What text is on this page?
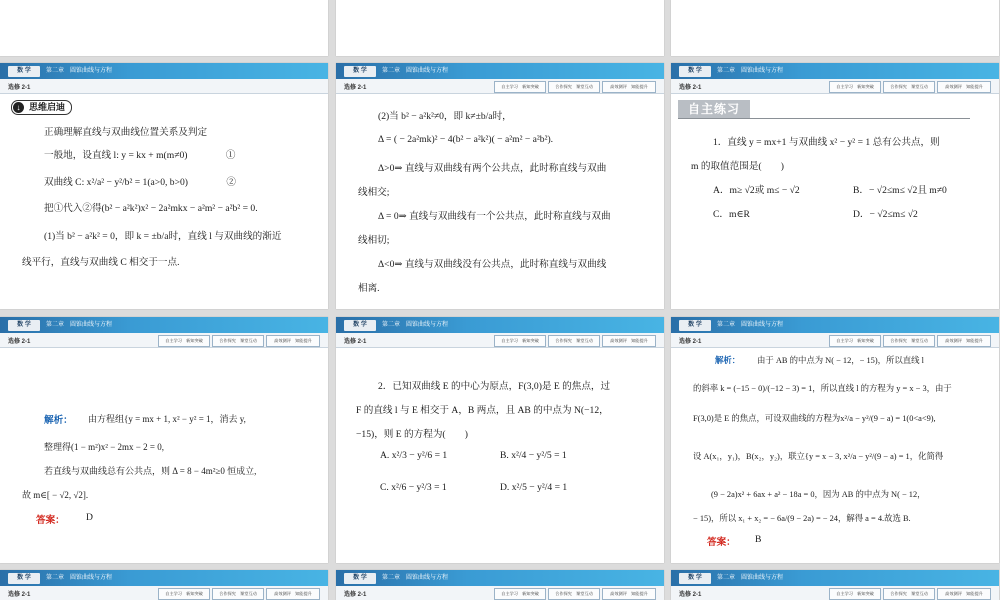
数 学	第二章　圆锥曲线与方程
选修 2-1
↓ 思维启迪
正确理解直线与双曲线位置关系及判定
一般地，设直线 l: y = kx + m(m≠0)　　　　①
双曲线 C: x²/a² − y²/b² = 1(a>0, b>0)　　　　②
把①代入②得(b² − a²k²)x² − 2a²mkx − a²m² − a²b² = 0.
(1)当 b² − a²k² = 0，即 k = ±b/a时，直线 l 与双曲线的渐近
线平行，直线与双曲线 C 相交于一点.
数 学	第二章　圆锥曲线与方程
选修 2-1	自主学习　新知突破	合作探究　课堂互动	高效测评　知能提升
(2)当 b² − a²k²≠0，即 k≠±b/a时，
Δ = ( − 2a²mk)² − 4(b² − a²k²)( − a²m² − a²b²).
Δ>0⇒ 直线与双曲线有两个公共点，此时称直线与双曲
线相交;
Δ = 0⇒ 直线与双曲线有一个公共点，此时称直线与双曲
线相切;
Δ<0⇒ 直线与双曲线没有公共点，此时称直线与双曲线
相离.
数 学	第二章　圆锥曲线与方程
选修 2-1	自主学习　新知突破	合作探究　课堂互动	高效测评　知能提升
自主练习
1．直线 y = mx+1 与双曲线 x² − y² = 1 总有公共点，则
m 的取值范围是(　　)
A．m≥ √2或 m≤ − √2	B．− √2≤m≤ √2且 m≠0
C．m∈R	D．− √2≤m≤ √2
数 学	第二章　圆锥曲线与方程
选修 2-1	自主学习　新知突破	合作探究　课堂互动	高效测评　知能提升
解析： 由方程组{y = mx + 1, x² − y² = 1，消去 y,
整理得(1 − m²)x² − 2mx − 2 = 0,
若直线与双曲线总有公共点，则 Δ = 8 − 4m²≥0 恒成立,
故 m∈[ − √2, √2].
答案： D
数 学	第二章　圆锥曲线与方程
选修 2-1	自主学习　新知突破	合作探究　课堂互动	高效测评　知能提升
2．已知双曲线 E 的中心为原点，F(3,0)是 E 的焦点，过
F 的直线 l 与 E 相交于 A，B 两点，且 AB 的中点为 N(−12，
−15)，则 E 的方程为(　　)
A. x²/3 − y²/6 = 1	B. x²/4 − y²/5 = 1
C. x²/6 − y²/3 = 1	D. x²/5 − y²/4 = 1
数 学	第二章　圆锥曲线与方程
选修 2-1	自主学习　新知突破	合作探究　课堂互动	高效测评　知能提升
解析： 由于 AB 的中点为 N( − 12，− 15)，所以直线 l
的斜率 k = (−15 − 0)/(−12 − 3) = 1，所以直线 l 的方程为 y = x − 3，由于
F(3,0)是 E 的焦点，可设双曲线的方程为x²/a − y²/(9 − a) = 1(0<a<9),
设 A(x₁，y₁)，B(x₂，y₂)，联立{y = x − 3, x²/a − y²/(9 − a) = 1，化简得
(9 − 2a)x² + 6ax + a² − 18a = 0，因为 AB 的中点为 N( − 12，
− 15)，所以 x₁ + x₂ = − 6a/(9 − 2a) = − 24，解得 a = 4.故选 B.
答案： B
数 学	第二章　圆锥曲线与方程
选修 2-1	自主学习　新知突破	合作探究　课堂互动	高效测评　知能提升
数 学	第二章　圆锥曲线与方程
选修 2-1	自主学习　新知突破	合作探究　课堂互动	高效测评　知能提升
数 学	第二章　圆锥曲线与方程
选修 2-1	自主学习　新知突破	合作探究　课堂互动	高效测评　知能提升
